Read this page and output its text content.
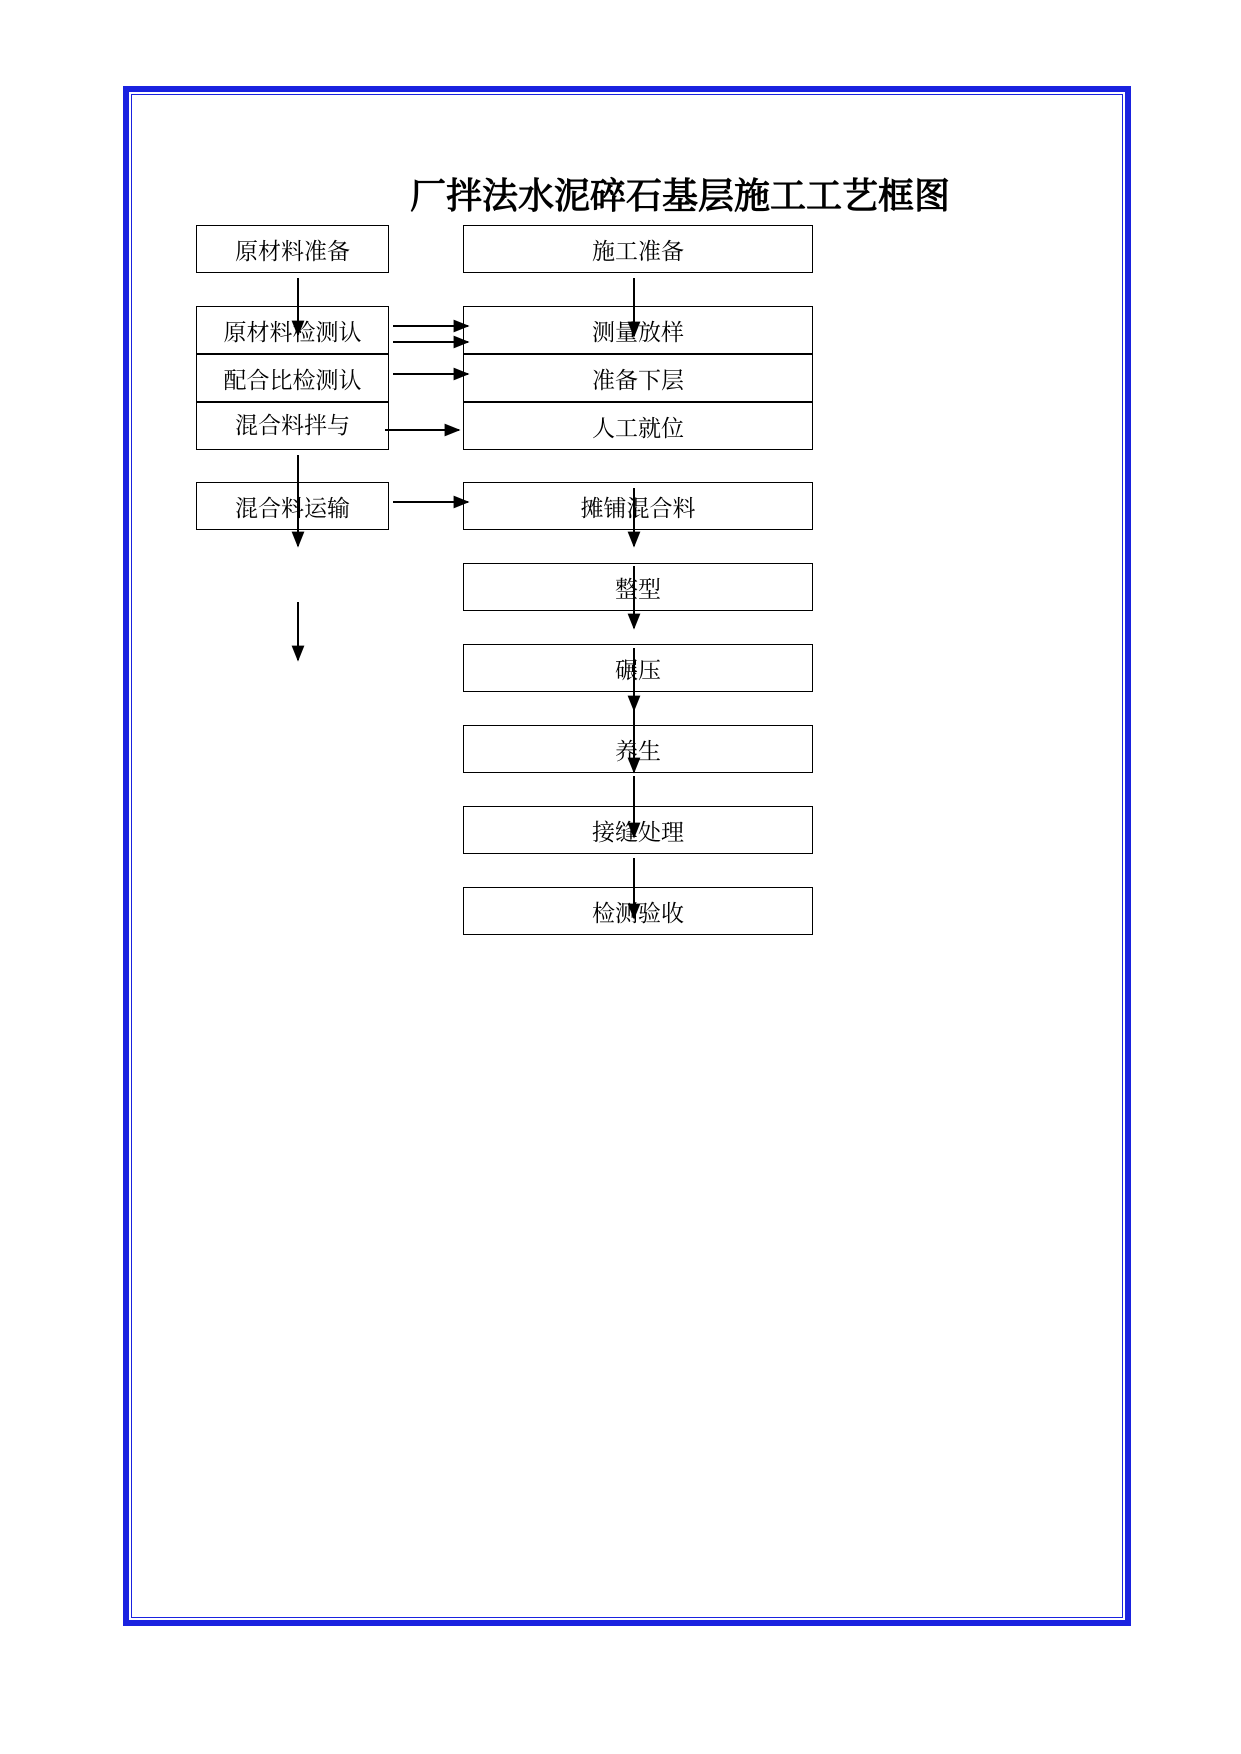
厂拌法水泥碎石基层施工工艺框图
原材料准备
原材料检测认
配合比检测认
混合料拌与
混合料运输
施工准备
测量放样
准备下层
人工就位
摊铺混合料
整型
碾压
养生
接缝处理
检测验收
